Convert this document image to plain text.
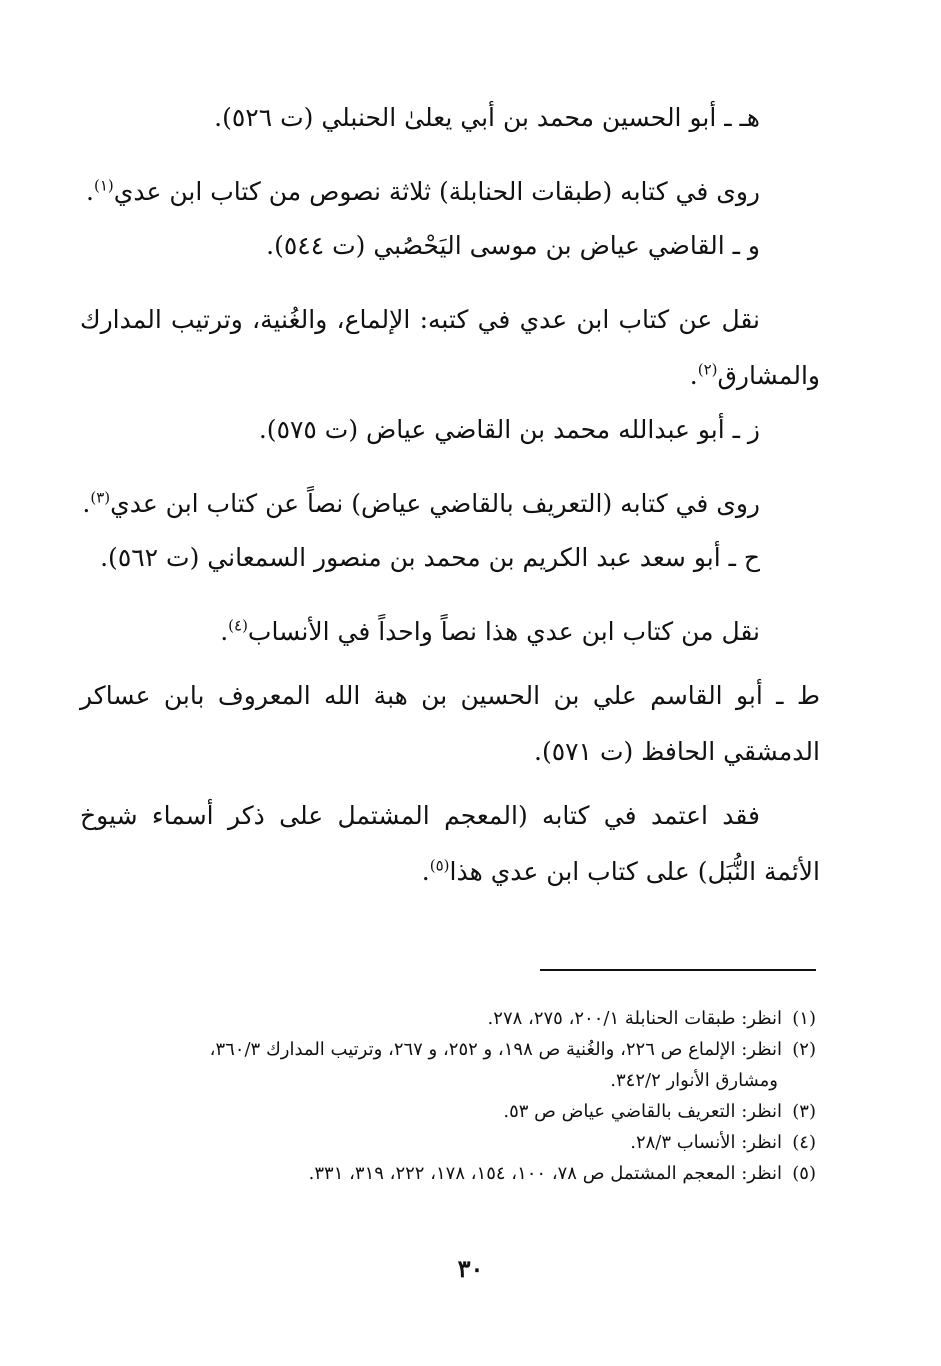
هـ ـ أبو الحسين محمد بن أبي يعلىٰ الحنبلي (ت ٥٢٦).

روى في كتابه (طبقات الحنابلة) ثلاثة نصوص من كتاب ابن عدي$^{(١)}$.

و ـ القاضي عياض بن موسى اليَحْصُبي (ت ٥٤٤).

نقل عن كتاب ابن عدي في كتبه: الإلماع، والغُنية، وترتيب المدارك والمشارق$^{(٢)}$.

ز ـ أبو عبدالله محمد بن القاضي عياض (ت ٥٧٥).

روى في كتابه (التعريف بالقاضي عياض) نصاً عن كتاب ابن عدي$^{(٣)}$.

ح ـ أبو سعد عبد الكريم بن محمد بن منصور السمعاني (ت ٥٦٢).

نقل من كتاب ابن عدي هذا نصاً واحداً في الأنساب$^{(٤)}$.

ط ـ أبو القاسم علي بن الحسين بن هبة الله المعروف بابن عساكر الدمشقي الحافظ (ت ٥٧١).

فقد اعتمد في كتابه (المعجم المشتمل على ذكر أسماء شيوخ الأئمة النُّبَل) على كتاب ابن عدي هذا$^{(٥)}$.

(١)انظر: طبقات الحنابلة ٢٠٠/١، ٢٧٥، ٢٧٨.

(٢)انظر: الإلماع ص ٢٢٦، والغُنية ص ١٩٨، و ٢٥٢، و ٢٦٧، وترتيب المدارك ٣٦٠/٣،

ومشارق الأنوار ٣٤٢/٢.

(٣)انظر: التعريف بالقاضي عياض ص ٥٣.

(٤)انظر: الأنساب ٢٨/٣.

(٥)انظر: المعجم المشتمل ص ٧٨، ١٠٠، ١٥٤، ١٧٨، ٢٢٢، ٣١٩، ٣٣١.

٣٠
